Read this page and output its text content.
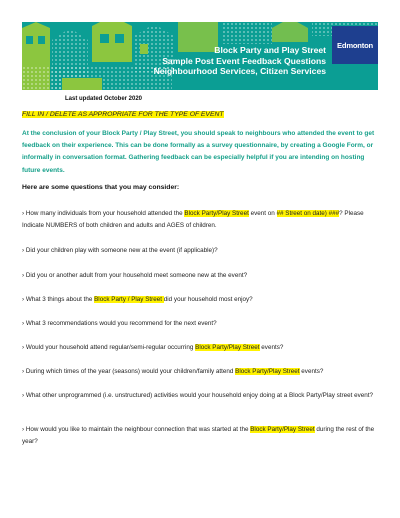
Block Party and Play Street
Sample Post Event Feedback Questions
Neighbourhood Services, Citizen Services
Edmonton
Last updated October 2020
FILL IN / DELETE AS APPROPRIATE FOR THE TYPE OF EVENT
At the conclusion of your Block Party / Play Street, you should speak to neighbours who attended the event to get feedback on their experience. This can be done formally as a survey questionnaire, by creating a Google Form, or informally in conversation format. Gathering feedback can be especially helpful if you are intending on hosting future events.
Here are some questions that you may consider:
› How many individuals from your household attended the Block Party/Play Street event on ## Street on date) ###? Please Indicate NUMBERS of both children and adults and AGES of children.
› Did your children play with someone new at the event (if applicable)?
› Did you or another adult from your household meet someone new at the event?
› What 3 things about the Block Party / Play Street did your household most enjoy?
› What 3 recommendations would you recommend for the next event?
› Would your household attend regular/semi-regular occurring Block Party/Play Street events?
› During which times of the year (seasons) would your children/family attend Block Party/Play Street events?
› What other unprogrammed (i.e. unstructured) activities would your household enjoy doing at a Block Party/Play street event?
› How would you like to maintain the neighbour connection that was started at the Block Party/Play Street during the rest of the year?
